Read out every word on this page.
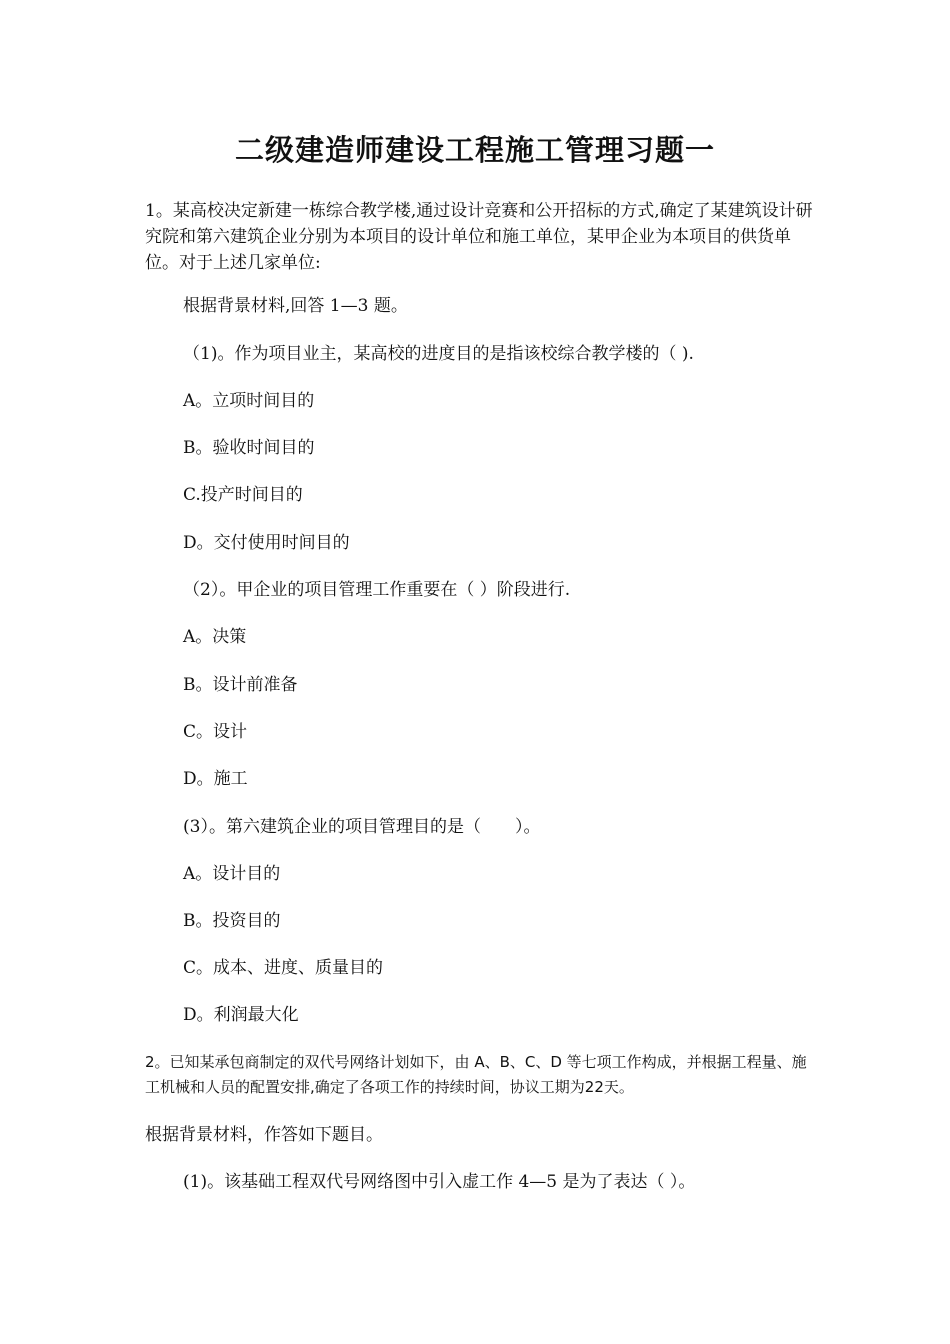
二级建造师建设工程施工管理习题一

1。某高校决定新建一栋综合教学楼,通过设计竞赛和公开招标的方式,确定了某建筑设计研究院和第六建筑企业分别为本项目的设计单位和施工单位，某甲企业为本项目的供货单位。对于上述几家单位:

根据背景材料,回答 1—3 题。

（1)。作为项目业主，某高校的进度目的是指该校综合教学楼的（ ).

A。立项时间目的

B。验收时间目的

C.投产时间目的

D。交付使用时间目的

（2）。甲企业的项目管理工作重要在（ ）阶段进行.

A。决策

B。设计前准备

C。设计

D。施工

(3）。第六建筑企业的项目管理目的是（　　）。

A。设计目的

B。投资目的

C。成本、进度、质量目的

D。利润最大化

2。已知某承包商制定的双代号网络计划如下，由 A、B、C、D 等七项工作构成，并根据工程量、施工机械和人员的配置安排,确定了各项工作的持续时间，协议工期为22天。

根据背景材料，作答如下题目。

(1)。该基础工程双代号网络图中引入虚工作 4—5 是为了表达（ ）。
